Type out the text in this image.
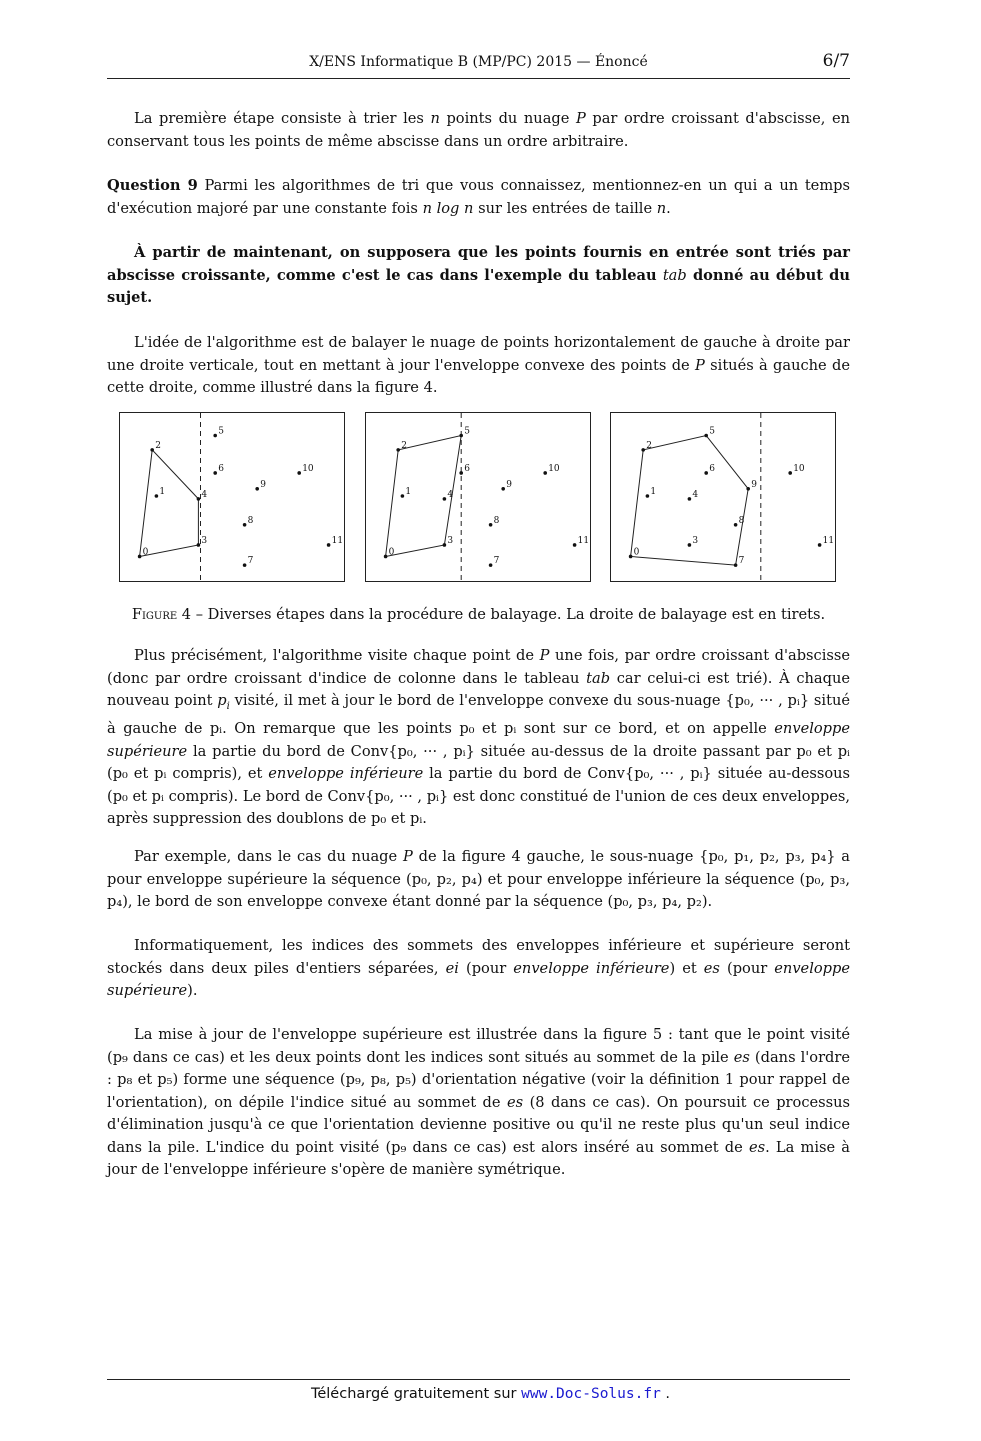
X/ENS Informatique B (MP/PC) 2015 — Énoncé	6/7

La première étape consiste à trier les n points du nuage P par ordre croissant d'abscisse, en conservant tous les points de même abscisse dans un ordre arbitraire.

Question 9 Parmi les algorithmes de tri que vous connaissez, mentionnez-en un qui a un temps d'exécution majoré par une constante fois n log n sur les entrées de taille n.

À partir de maintenant, on supposera que les points fournis en entrée sont triés par abscisse croissante, comme c'est le cas dans l'exemple du tableau tab donné au début du sujet.

L'idée de l'algorithme est de balayer le nuage de points horizontalement de gauche à droite par une droite verticale, tout en mettant à jour l'enveloppe convexe des points de P situés à gauche de cette droite, comme illustré dans la figure 4.

0
1
2
3
4
5
6
7
8
9
10
11
0
1
2
3
4
5
6
7
8
9
10
11
0
1
2
3
4
5
6
7
8
9
10
11
Figure 4 – Diverses étapes dans la procédure de balayage. La droite de balayage est en tirets.

Plus précisément, l'algorithme visite chaque point de P une fois, par ordre croissant d'abscisse (donc par ordre croissant d'indice de colonne dans le tableau tab car celui-ci est trié). À chaque nouveau point $p_i$ visité, il met à jour le bord de l'enveloppe convexe du sous-nuage {p₀, ··· , pᵢ} situé à gauche de pᵢ. On remarque que les points p₀ et pᵢ sont sur ce bord, et on appelle enveloppe supérieure la partie du bord de Conv{p₀, ··· , pᵢ} située au-dessus de la droite passant par p₀ et pᵢ (p₀ et pᵢ compris), et enveloppe inférieure la partie du bord de Conv{p₀, ··· , pᵢ} située au-dessous (p₀ et pᵢ compris). Le bord de Conv{p₀, ··· , pᵢ} est donc constitué de l'union de ces deux enveloppes, après suppression des doublons de p₀ et pᵢ.

Par exemple, dans le cas du nuage P de la figure 4 gauche, le sous-nuage {p₀, p₁, p₂, p₃, p₄} a pour enveloppe supérieure la séquence (p₀, p₂, p₄) et pour enveloppe inférieure la séquence (p₀, p₃, p₄), le bord de son enveloppe convexe étant donné par la séquence (p₀, p₃, p₄, p₂).

Informatiquement, les indices des sommets des enveloppes inférieure et supérieure seront stockés dans deux piles d'entiers séparées, ei (pour enveloppe inférieure) et es (pour enveloppe supérieure).

La mise à jour de l'enveloppe supérieure est illustrée dans la figure 5 : tant que le point visité (p₉ dans ce cas) et les deux points dont les indices sont situés au sommet de la pile es (dans l'ordre : p₈ et p₅) forme une séquence (p₉, p₈, p₅) d'orientation négative (voir la définition 1 pour rappel de l'orientation), on dépile l'indice situé au sommet de es (8 dans ce cas). On poursuit ce processus d'élimination jusqu'à ce que l'orientation devienne positive ou qu'il ne reste plus qu'un seul indice dans la pile. L'indice du point visité (p₉ dans ce cas) est alors inséré au sommet de es. La mise à jour de l'enveloppe inférieure s'opère de manière symétrique.

Téléchargé gratuitement sur www.Doc-Solus.fr .
